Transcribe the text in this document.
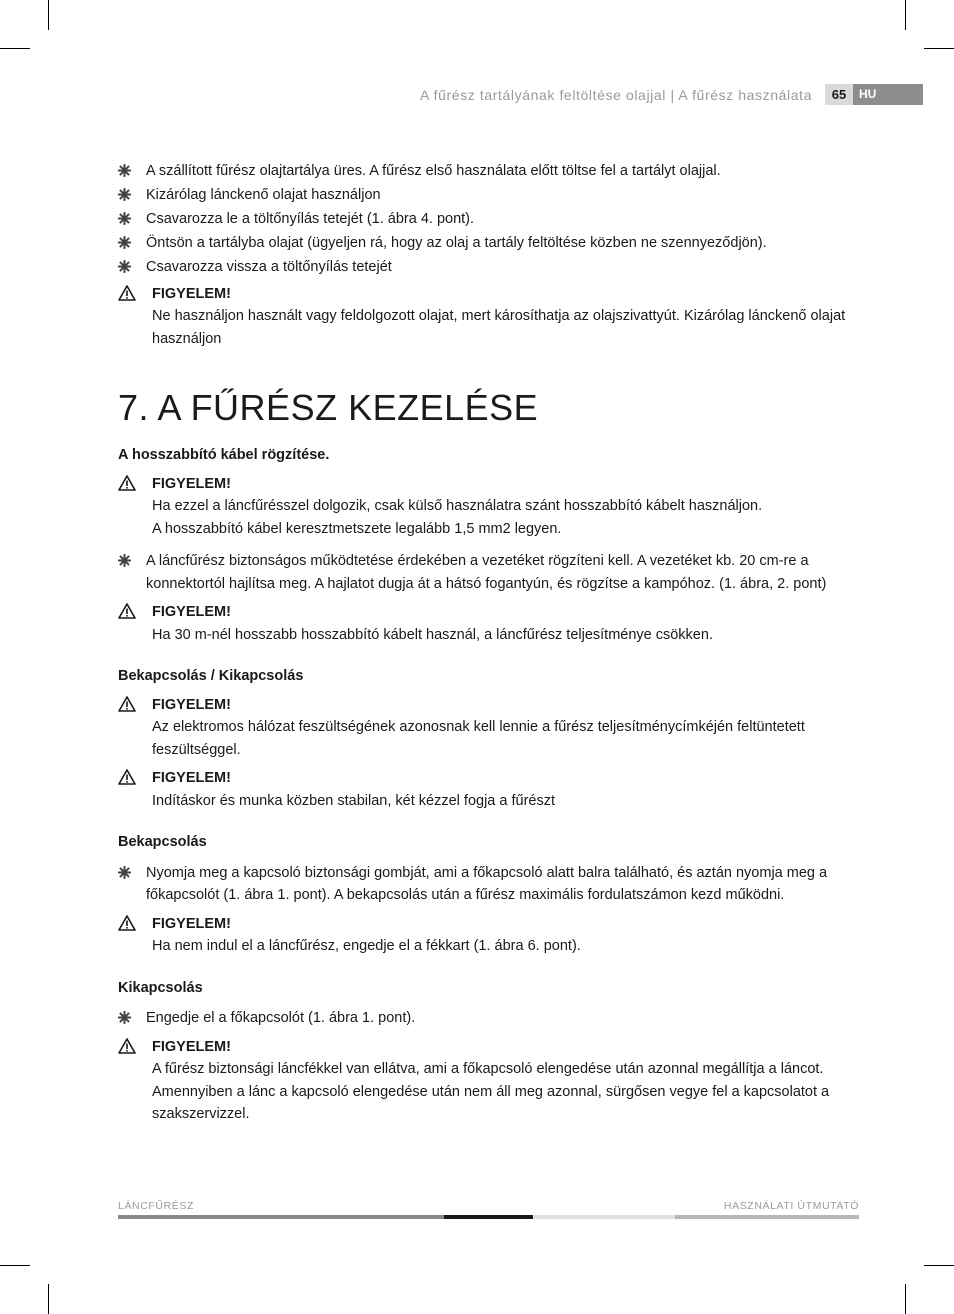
A fűrész tartályának feltöltése olajjal | A fűrész használata	65	HU

A szállított fűrész olajtartálya üres. A fűrész első használata előtt töltse fel a tartályt olajjal.

Kizárólag lánckenő olajat használjon

Csavarozza le a töltőnyílás tetejét (1. ábra 4. pont).

Öntsön a tartályba olajat (ügyeljen rá, hogy az olaj a tartály feltöltése közben ne szennyeződjön).

Csavarozza vissza a töltőnyílás tetejét

FIGYELEM!
Ne használjon használt vagy feldolgozott olajat, mert károsíthatja az olajszivattyút. Kizárólag lánckenő olajat használjon
7. A FŰRÉSZ KEZELÉSE

A hosszabbító kábel rögzítése.

FIGYELEM!
Ha ezzel a láncfűrésszel dolgozik, csak külső használatra szánt hosszabbító kábelt használjon.
A hosszabbító kábel keresztmetszete legalább 1,5 mm2 legyen.

A láncfűrész biztonságos működtetése érdekében a vezetéket rögzíteni kell. A vezetéket kb. 20 cm-re a konnektortól hajlítsa meg. A hajlatot dugja át a hátsó fogantyún, és rögzítse a kampóhoz. (1. ábra, 2. pont)

FIGYELEM!
Ha 30 m-nél hosszabb hosszabbító kábelt használ, a láncfűrész teljesítménye csökken.

Bekapcsolás / Kikapcsolás

FIGYELEM!
Az elektromos hálózat feszültségének azonosnak kell lennie a fűrész teljesítménycímkéjén feltüntetett feszültséggel.
FIGYELEM!
Indításkor és munka közben stabilan, két kézzel fogja a fűrészt

Bekapcsolás

Nyomja meg a kapcsoló biztonsági gombját, ami a főkapcsoló alatt balra található, és aztán nyomja meg a főkapcsolót (1. ábra 1. pont). A bekapcsolás után a fűrész maximális fordulatszámon kezd működni.

FIGYELEM!
Ha nem indul el a láncfűrész, engedje el a fékkart (1. ábra 6. pont).

Kikapcsolás

Engedje el a főkapcsolót (1. ábra 1. pont).

FIGYELEM!
A fűrész biztonsági láncfékkel van ellátva, ami a főkapcsoló elengedése után azonnal megállítja a láncot.
Amennyiben a lánc a kapcsoló elengedése után nem áll meg azonnal, sürgősen vegye fel a kapcsolatot a szakszervizzel.
LÁNCFŰRÉSZ	HASZNÁLATI ÚTMUTATÓ
